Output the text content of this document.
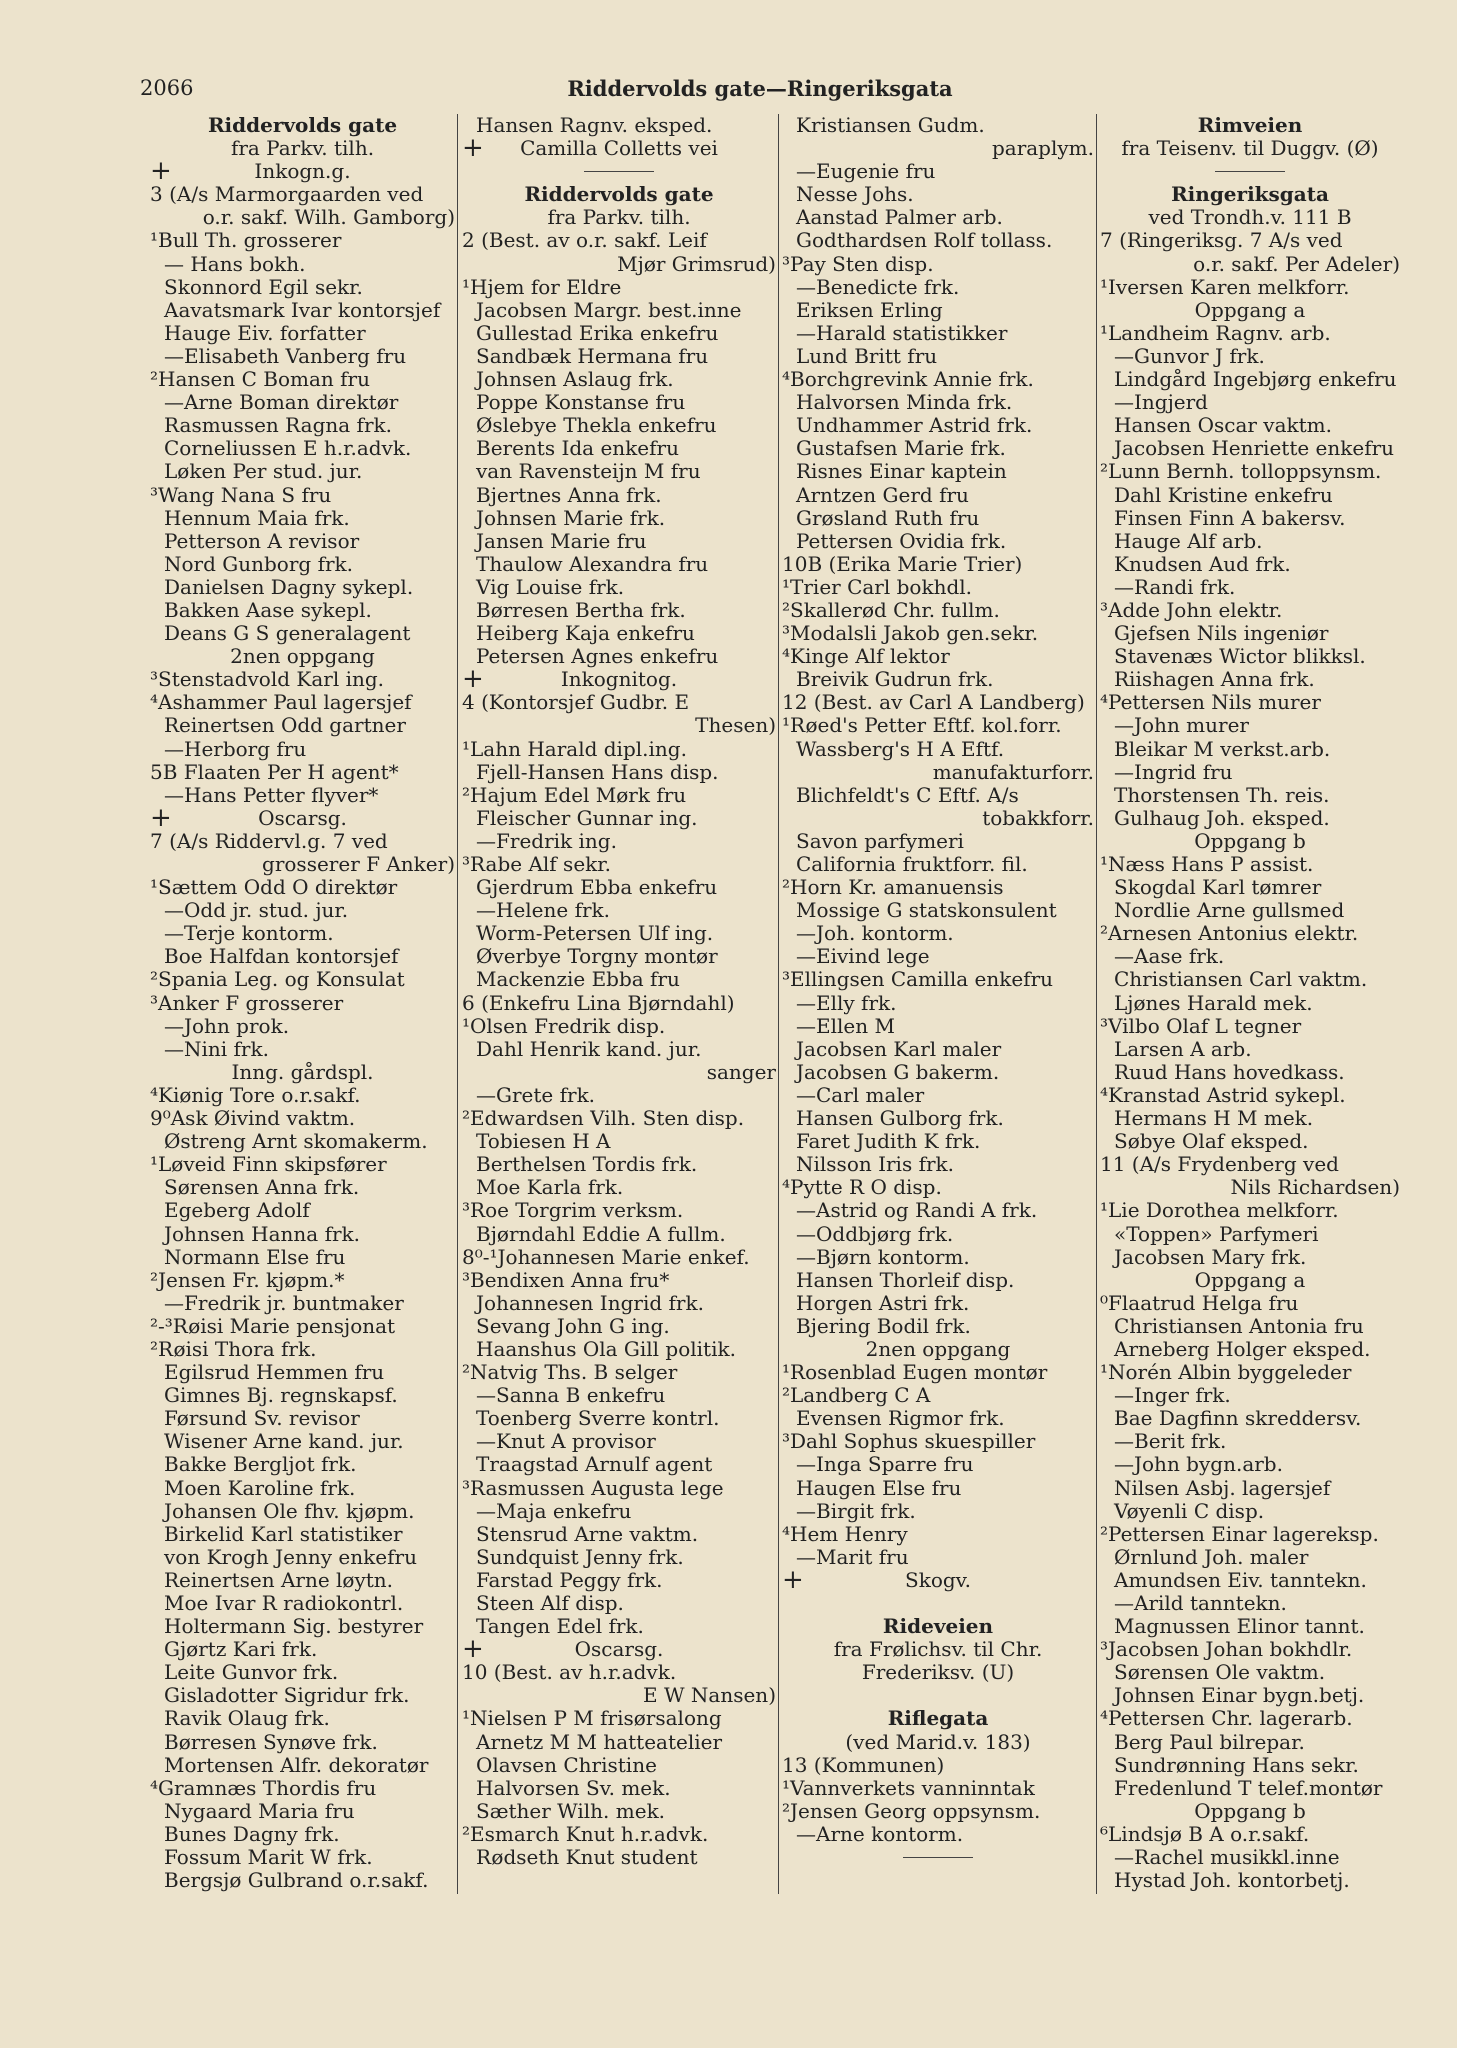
2066	Riddervolds gate—Ringeriksgata
Riddervolds gate
fra Parkv. tilh.
+	Inkogn.g.
3 (A/s Marmorgaarden ved
o.r. sakf. Wilh. Gamborg)
¹Bull Th. grosserer
— Hans bokh.
Skonnord Egil sekr.
Aavatsmark Ivar kontorsjef
Hauge Eiv. forfatter
—Elisabeth Vanberg fru
²Hansen C Boman fru
—Arne Boman direktør
Rasmussen Ragna frk.
Corneliussen E h.r.advk.
Løken Per stud. jur.
³Wang Nana S fru
Hennum Maia frk.
Petterson A revisor
Nord Gunborg frk.
Danielsen Dagny sykepl.
Bakken Aase sykepl.
Deans G S generalagent
2nen oppgang
³Stenstadvold Karl ing.
⁴Ashammer Paul lagersjef
Reinertsen Odd gartner
—Herborg fru
5B Flaaten Per H agent*
—Hans Petter flyver*
+	Oscarsg.
7 (A/s Riddervl.g. 7 ved
grosserer F Anker)
¹Sættem Odd O direktør
—Odd jr. stud. jur.
—Terje kontorm.
Boe Halfdan kontorsjef
²Spania Leg. og Konsulat
³Anker F grosserer
—John prok.
—Nini frk.
Inng. gårdspl.
⁴Kiønig Tore o.r.sakf.
9⁰Ask Øivind vaktm.
Østreng Arnt skomakerm.
¹Løveid Finn skipsfører
Sørensen Anna frk.
Egeberg Adolf
Johnsen Hanna frk.
Normann Else fru
²Jensen Fr. kjøpm.*
—Fredrik jr. buntmaker
²‑³Røisi Marie pensjonat
²Røisi Thora frk.
Egilsrud Hemmen fru
Gimnes Bj. regnskapsf.
Førsund Sv. revisor
Wisener Arne kand. jur.
Bakke Bergljot frk.
Moen Karoline frk.
Johansen Ole fhv. kjøpm.
Birkelid Karl statistiker
von Krogh Jenny enkefru
Reinertsen Arne løytn.
Moe Ivar R radiokontrl.
Holtermann Sig. bestyrer
Gjørtz Kari frk.
Leite Gunvor frk.
Gisladotter Sigridur frk.
Ravik Olaug frk.
Børresen Synøve frk.
Mortensen Alfr. dekoratør
⁴Gramnæs Thordis fru
Nygaard Maria fru
Bunes Dagny frk.
Fossum Marit W frk.
Bergsjø Gulbrand o.r.sakf.
Hansen Ragnv. eksped.
+ Camilla Colletts vei
Riddervolds gate
fra Parkv. tilh.
2 (Best. av o.r. sakf. Leif
Mjør Grimsrud)
¹Hjem for Eldre
Jacobsen Margr. best.inne
Gullestad Erika enkefru
Sandbæk Hermana fru
Johnsen Aslaug frk.
Poppe Konstanse fru
Øslebye Thekla enkefru
Berents Ida enkefru
van Ravensteijn M fru
Bjertnes Anna frk.
Johnsen Marie frk.
Jansen Marie fru
Thaulow Alexandra fru
Vig Louise frk.
Børresen Bertha frk.
Heiberg Kaja enkefru
Petersen Agnes enkefru
+	Inkognitog.
4 (Kontorsjef Gudbr. E
Thesen)
¹Lahn Harald dipl.ing.
Fjell-Hansen Hans disp.
²Hajum Edel Mørk fru
Fleischer Gunnar ing.
—Fredrik ing.
³Rabe Alf sekr.
Gjerdrum Ebba enkefru
—Helene frk.
Worm-Petersen Ulf ing.
Øverbye Torgny montør
Mackenzie Ebba fru
6 (Enkefru Lina Bjørndahl)
¹Olsen Fredrik disp.
Dahl Henrik kand. jur.
sanger
—Grete frk.
²Edwardsen Vilh. Sten disp.
Tobiesen H A
Berthelsen Tordis frk.
Moe Karla frk.
³Roe Torgrim verksm.
Bjørndahl Eddie A fullm.
8⁰‑¹Johannesen Marie enkef.
³Bendixen Anna fru*
Johannesen Ingrid frk.
Sevang John G ing.
Haanshus Ola Gill politik.
²Natvig Ths. B selger
—Sanna B enkefru
Toenberg Sverre kontrl.
—Knut A provisor
Traagstad Arnulf agent
³Rasmussen Augusta lege
—Maja enkefru
Stensrud Arne vaktm.
Sundquist Jenny frk.
Farstad Peggy frk.
Steen Alf disp.
Tangen Edel frk.
+	Oscarsg.
10 (Best. av h.r.advk.
E W Nansen)
¹Nielsen P M frisørsalong
Arnetz M M hatteatelier
Olavsen Christine
Halvorsen Sv. mek.
Sæther Wilh. mek.
²Esmarch Knut h.r.advk.
Rødseth Knut student
Kristiansen Gudm.
paraplym.
—Eugenie fru
Nesse Johs.
Aanstad Palmer arb.
Godthardsen Rolf tollass.
³Pay Sten disp.
—Benedicte frk.
Eriksen Erling
—Harald statistikker
Lund Britt fru
⁴Borchgrevink Annie frk.
Halvorsen Minda frk.
Undhammer Astrid frk.
Gustafsen Marie frk.
Risnes Einar kaptein
Arntzen Gerd fru
Grøsland Ruth fru
Pettersen Ovidia frk.
10B (Erika Marie Trier)
¹Trier Carl bokhdl.
²Skallerød Chr. fullm.
³Modalsli Jakob gen.sekr.
⁴Kinge Alf lektor
Breivik Gudrun frk.
12 (Best. av Carl A Landberg)
¹Røed's Petter Eftf. kol.forr.
Wassberg's H A Eftf.
manufakturforr.
Blichfeldt's C Eftf. A/s
tobakkforr.
Savon parfymeri
California fruktforr. fil.
²Horn Kr. amanuensis
Mossige G statskonsulent
—Joh. kontorm.
—Eivind lege
³Ellingsen Camilla enkefru
—Elly frk.
—Ellen M
Jacobsen Karl maler
Jacobsen G bakerm.
—Carl maler
Hansen Gulborg frk.
Faret Judith K frk.
Nilsson Iris frk.
⁴Pytte R O disp.
—Astrid og Randi A frk.
—Oddbjørg frk.
—Bjørn kontorm.
Hansen Thorleif disp.
Horgen Astri frk.
Bjering Bodil frk.
2nen oppgang
¹Rosenblad Eugen montør
²Landberg C A
Evensen Rigmor frk.
³Dahl Sophus skuespiller
—Inga Sparre fru
Haugen Else fru
—Birgit frk.
⁴Hem Henry
—Marit fru
+	Skogv.
Rideveien
fra Frølichsv. til Chr.
Frederiksv. (U)
Riflegata
(ved Marid.v. 183)
13 (Kommunen)
¹Vannverkets vanninntak
²Jensen Georg oppsynsm.
—Arne kontorm.
Rimveien
fra Teisenv. til Duggv. (Ø)
Ringeriksgata
ved Trondh.v. 111 B
7 (Ringeriksg. 7 A/s ved
o.r. sakf. Per Adeler)
¹Iversen Karen melkforr.
Oppgang a
¹Landheim Ragnv. arb.
—Gunvor J frk.
Lindgård Ingebjørg enkefru
—Ingjerd
Hansen Oscar vaktm.
Jacobsen Henriette enkefru
²Lunn Bernh. tolloppsynsm.
Dahl Kristine enkefru
Finsen Finn A bakersv.
Hauge Alf arb.
Knudsen Aud frk.
—Randi frk.
³Adde John elektr.
Gjefsen Nils ingeniør
Stavenæs Wictor blikksl.
Riishagen Anna frk.
⁴Pettersen Nils murer
—John murer
Bleikar M verkst.arb.
—Ingrid fru
Thorstensen Th. reis.
Gulhaug Joh. eksped.
Oppgang b
¹Næss Hans P assist.
Skogdal Karl tømrer
Nordlie Arne gullsmed
²Arnesen Antonius elektr.
—Aase frk.
Christiansen Carl vaktm.
Ljønes Harald mek.
³Vilbo Olaf L tegner
Larsen A arb.
Ruud Hans hovedkass.
⁴Kranstad Astrid sykepl.
Hermans H M mek.
Søbye Olaf eksped.
11 (A/s Frydenberg ved
Nils Richardsen)
¹Lie Dorothea melkforr.
«Toppen» Parfymeri
Jacobsen Mary frk.
Oppgang a
⁰Flaatrud Helga fru
Christiansen Antonia fru
Arneberg Holger eksped.
¹Norén Albin byggeleder
—Inger frk.
Bae Dagfinn skreddersv.
—Berit frk.
—John bygn.arb.
Nilsen Asbj. lagersjef
Vøyenli C disp.
²Pettersen Einar lagereksp.
Ørnlund Joh. maler
Amundsen Eiv. tanntekn.
—Arild tanntekn.
Magnussen Elinor tannt.
³Jacobsen Johan bokhdlr.
Sørensen Ole vaktm.
Johnsen Einar bygn.betj.
⁴Pettersen Chr. lagerarb.
Berg Paul bilrepar.
Sundrønning Hans sekr.
Fredenlund T telef.montør
Oppgang b
⁶Lindsjø B A o.r.sakf.
—Rachel musikkl.inne
Hystad Joh. kontorbetj.
